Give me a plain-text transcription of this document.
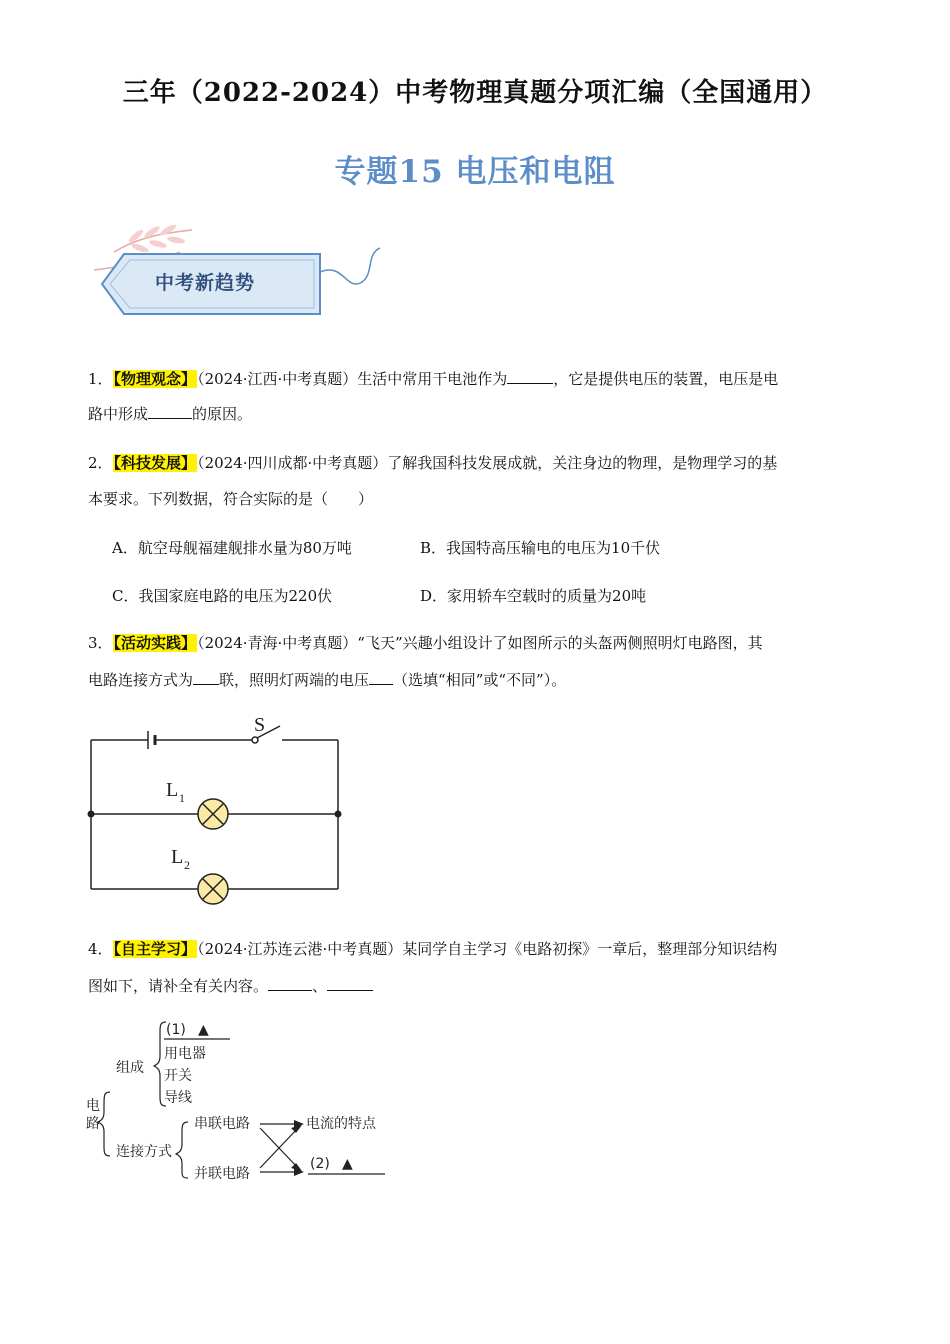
三年（2022-2024）中考物理真题分项汇编（全国通用）
专题15 电压和电阻
中考新趋势
1．【物理观念】（2024·江西·中考真题）生活中常用干电池作为	，它是提供电压的装置，电压是电
路中形成	的原因。
2．【科技发展】（2024·四川成都·中考真题）了解我国科技发展成就，关注身边的物理，是物理学习的基
本要求。下列数据，符合实际的是（　　）
A．航空母舰福建舰排水量为80万吨	B．我国特高压输电的电压为10千伏
C．我国家庭电路的电压为220伏	D．家用轿车空载时的质量为20吨
3．【活动实践】（2024·青海·中考真题）“飞天”兴趣小组设计了如图所示的头盔两侧照明灯电路图，其
电路连接方式为 联，照明灯两端的电压 （选填“相同”或“不同”）。
S
L 1
L 2
4．【自主学习】（2024·江苏连云港·中考真题）某同学自主学习《电路初探》一章后，整理部分知识结构
图如下，请补全有关内容。	、
电
路
组成
(1) ▲
用电器
开关
导线
连接方式
串联电路
并联电路
电流的特点
(2) ▲
